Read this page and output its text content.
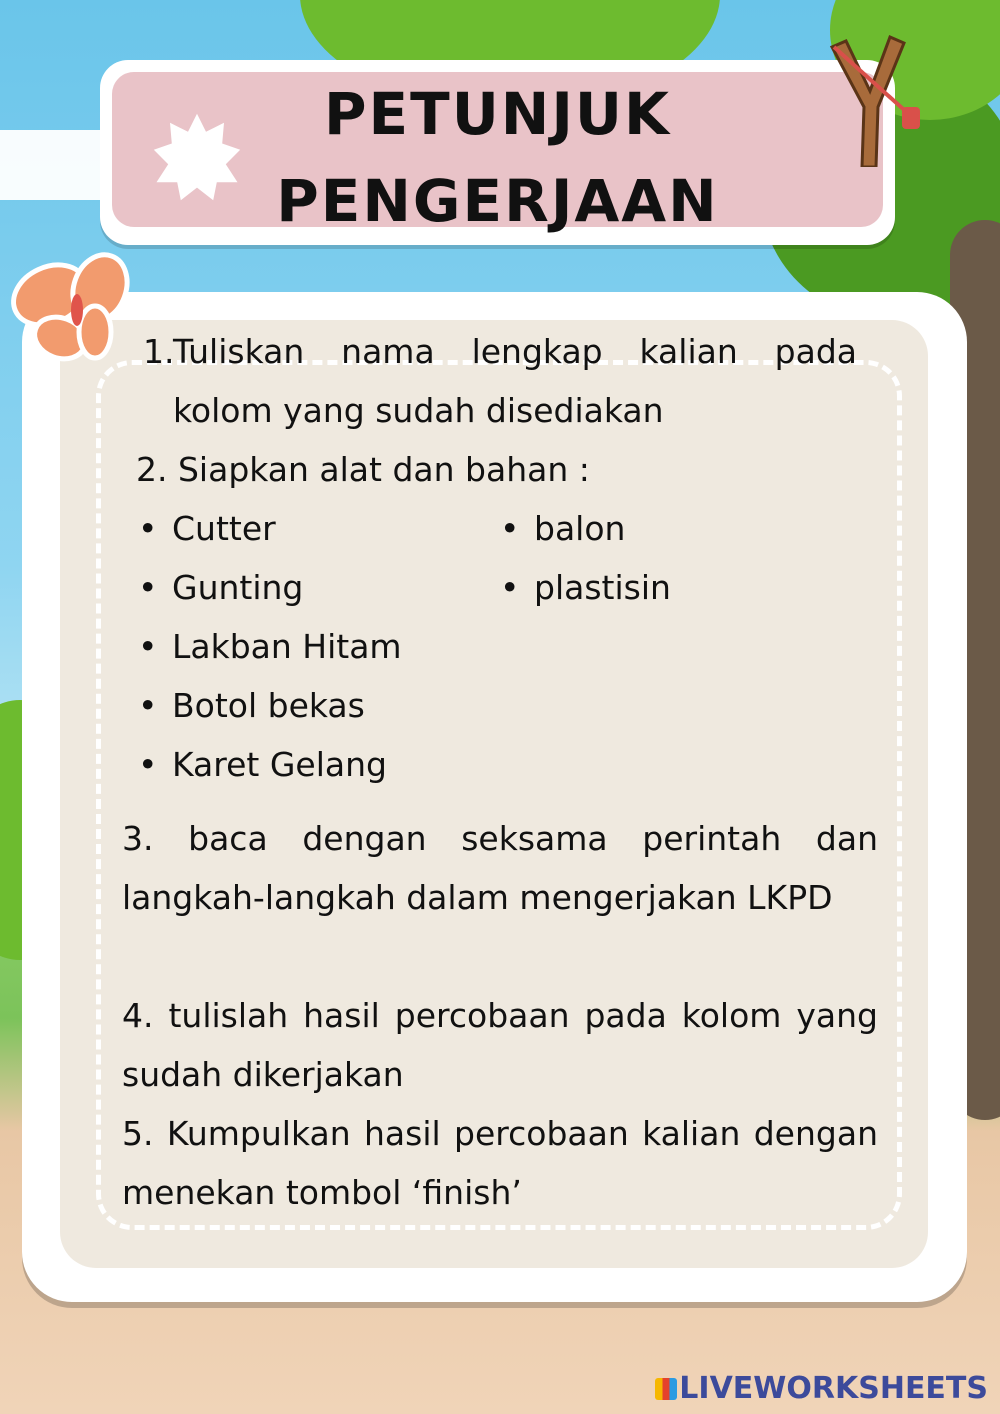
PETUNJUK
PENGERJAAN
1.
Tuliskan nama lengkap kalian pada
kolom yang sudah disediakan
2. Siapkan alat dan bahan :
• Cutter
• Gunting
• Lakban Hitam
• Botol bekas
• Karet Gelang
• balon
• plastisin
3. baca dengan seksama perintah dan langkah-langkah dalam mengerjakan LKPD
4. tulislah hasil percobaan pada kolom yang sudah dikerjakan
5. Kumpulkan hasil percobaan kalian dengan menekan tombol ‘finish’
LIVEWORKSHEETS
